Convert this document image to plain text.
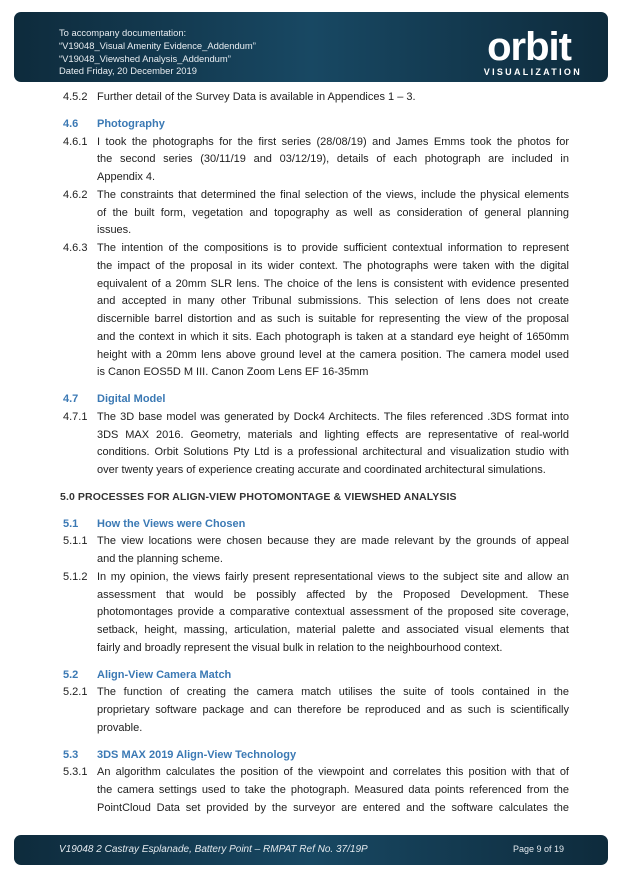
To accompany documentation:
“V19048_Visual Amenity Evidence_Addendum”
“V19048_Viewshed Analysis_Addendum”
Dated Friday, 20 December 2019
orbit
VISUALIZATION
4.5.2 Further detail of the Survey Data is available in Appendices 1 – 3.
4.6 Photography
4.6.1 I took the photographs for the first series (28/08/19) and James Emms took the photos for
the second series (30/11/19 and 03/12/19), details of each photograph are included in
Appendix 4.
4.6.2 The constraints that determined the final selection of the views, include the physical elements
of the built form, vegetation and topography as well as consideration of general planning
issues.
4.6.3 The intention of the compositions is to provide sufficient contextual information to represent
the impact of the proposal in its wider context. The photographs were taken with the digital
equivalent of a 20mm SLR lens. The choice of the lens is consistent with evidence presented
and accepted in many other Tribunal submissions. This selection of lens does not create
discernible barrel distortion and as such is suitable for representing the view of the proposal
and the context in which it sits. Each photograph is taken at a standard eye height of 1650mm
height with a 20mm lens above ground level at the camera position. The camera model used
is Canon EOS5D M III. Canon Zoom Lens EF 16-35mm
4.7 Digital Model
4.7.1 The 3D base model was generated by Dock4 Architects. The files referenced .3DS format into
3DS MAX 2016. Geometry, materials and lighting effects are representative of real-world
conditions. Orbit Solutions Pty Ltd is a professional architectural and visualization studio with
over twenty years of experience creating accurate and coordinated architectural simulations.
5.0 PROCESSES FOR ALIGN-VIEW PHOTOMONTAGE & VIEWSHED ANALYSIS
5.1 How the Views were Chosen
5.1.1 The view locations were chosen because they are made relevant by the grounds of appeal
and the planning scheme.
5.1.2 In my opinion, the views fairly present representational views to the subject site and allow an
assessment that would be possibly affected by the Proposed Development. These
photomontages provide a comparative contextual assessment of the proposed site coverage,
setback, height, massing, articulation, material palette and associated visual elements that
fairly and broadly represent the visual bulk in relation to the neighbourhood context.
5.2 Align-View Camera Match
5.2.1 The function of creating the camera match utilises the suite of tools contained in the
proprietary software package and can therefore be reproduced and as such is scientifically
provable.
5.3 3DS MAX 2019 Align-View Technology
5.3.1 An algorithm calculates the position of the viewpoint and correlates this position with that of
the camera settings used to take the photograph. Measured data points referenced from the
PointCloud Data set provided by the surveyor are entered and the software calculates the
V19048 2 Castray Esplanade, Battery Point – RMPAT Ref No. 37/19P	Page 9 of 19
